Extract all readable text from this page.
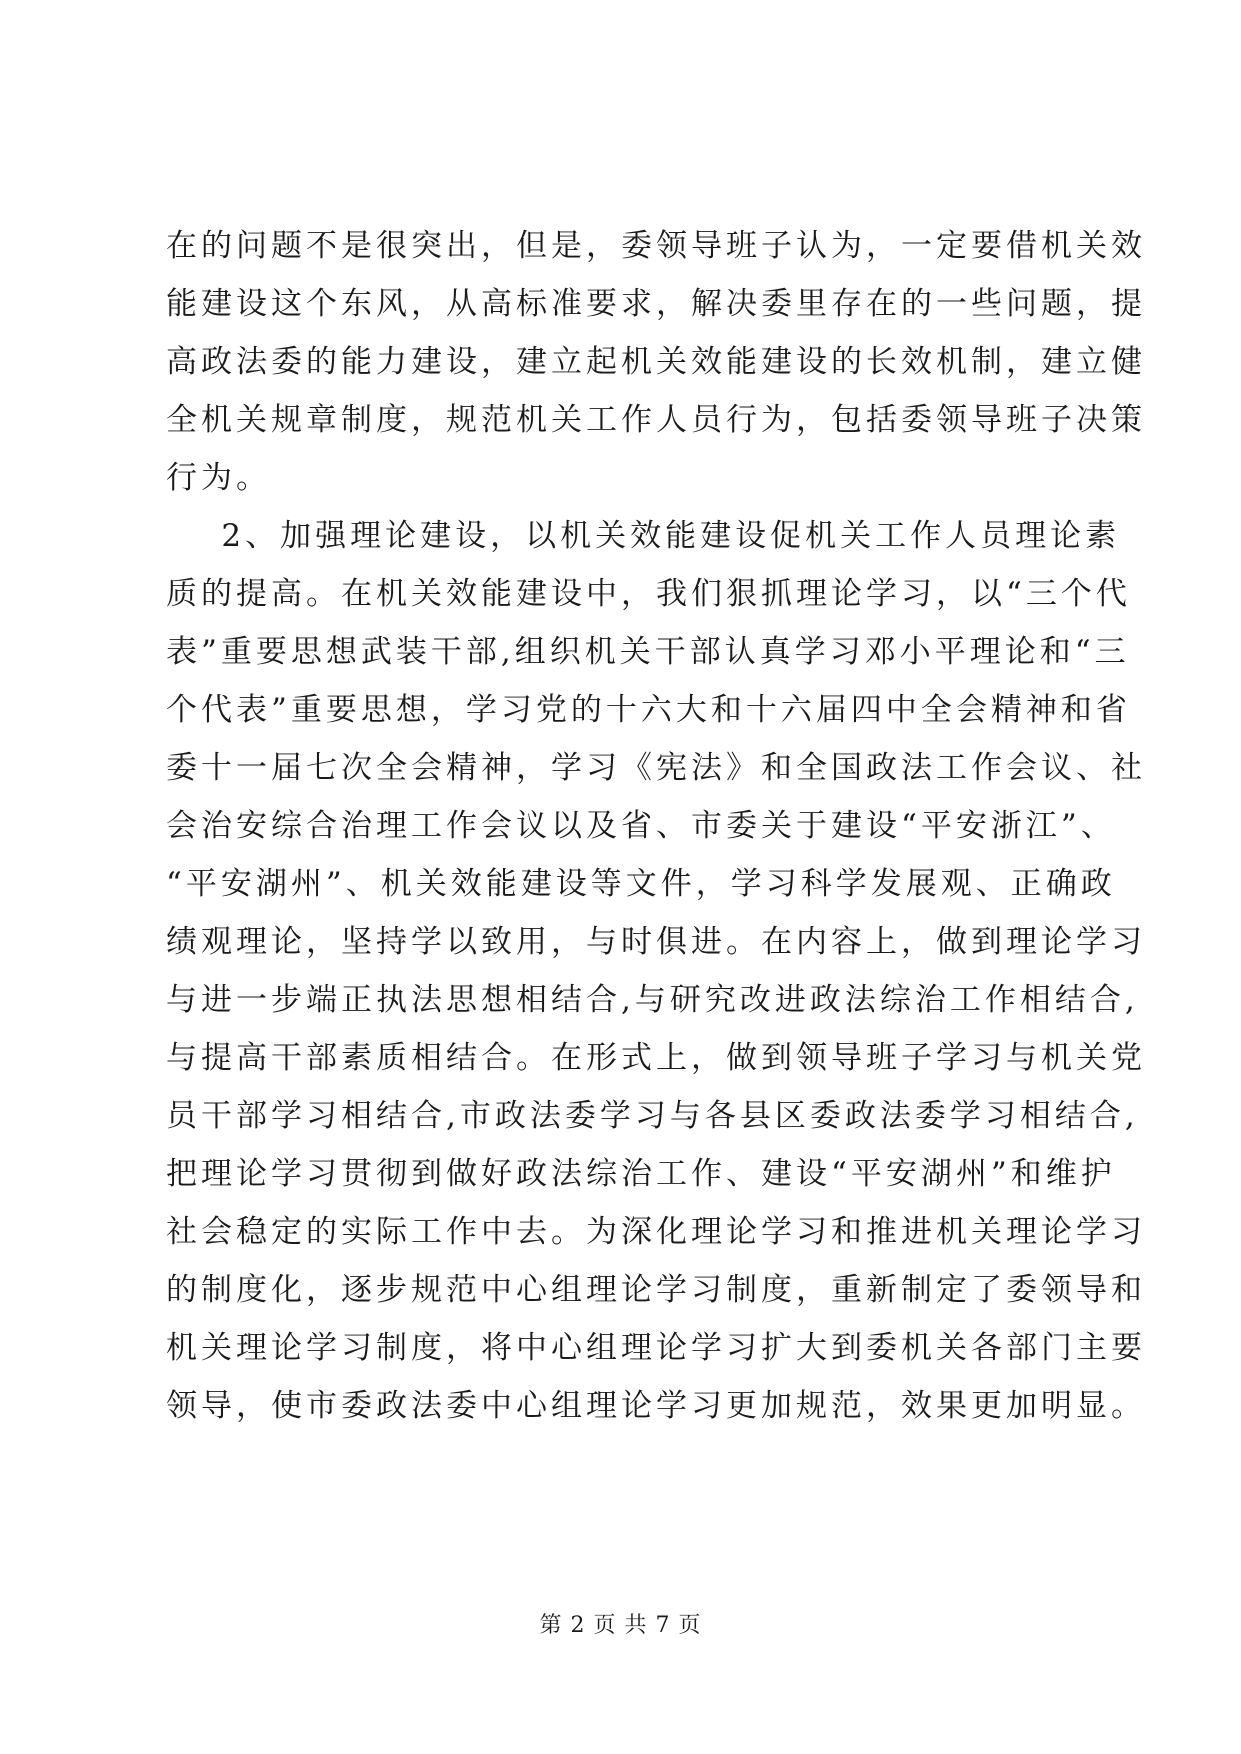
在的问题不是很突出，但是，委领导班子认为，一定要借机关效
能建设这个东风，从高标准要求，解决委里存在的一些问题，提
高政法委的能力建设，建立起机关效能建设的长效机制，建立健
全机关规章制度，规范机关工作人员行为，包括委领导班子决策
行为。
2、加强理论建设，以机关效能建设促机关工作人员理论素
质的提高。在机关效能建设中，我们狠抓理论学习，以“三个代
表”重要思想武装干部,组织机关干部认真学习邓小平理论和“三
个代表”重要思想，学习党的十六大和十六届四中全会精神和省
委十一届七次全会精神，学习《宪法》和全国政法工作会议、社
会治安综合治理工作会议以及省、市委关于建设“平安浙江”、
“平安湖州”、机关效能建设等文件，学习科学发展观、正确政
绩观理论，坚持学以致用，与时俱进。在内容上，做到理论学习
与进一步端正执法思想相结合,与研究改进政法综治工作相结合,
与提高干部素质相结合。在形式上，做到领导班子学习与机关党
员干部学习相结合,市政法委学习与各县区委政法委学习相结合,
把理论学习贯彻到做好政法综治工作、建设“平安湖州”和维护
社会稳定的实际工作中去。为深化理论学习和推进机关理论学习
的制度化，逐步规范中心组理论学习制度，重新制定了委领导和
机关理论学习制度，将中心组理论学习扩大到委机关各部门主要
领导，使市委政法委中心组理论学习更加规范，效果更加明显。
第 2 页 共 7 页
